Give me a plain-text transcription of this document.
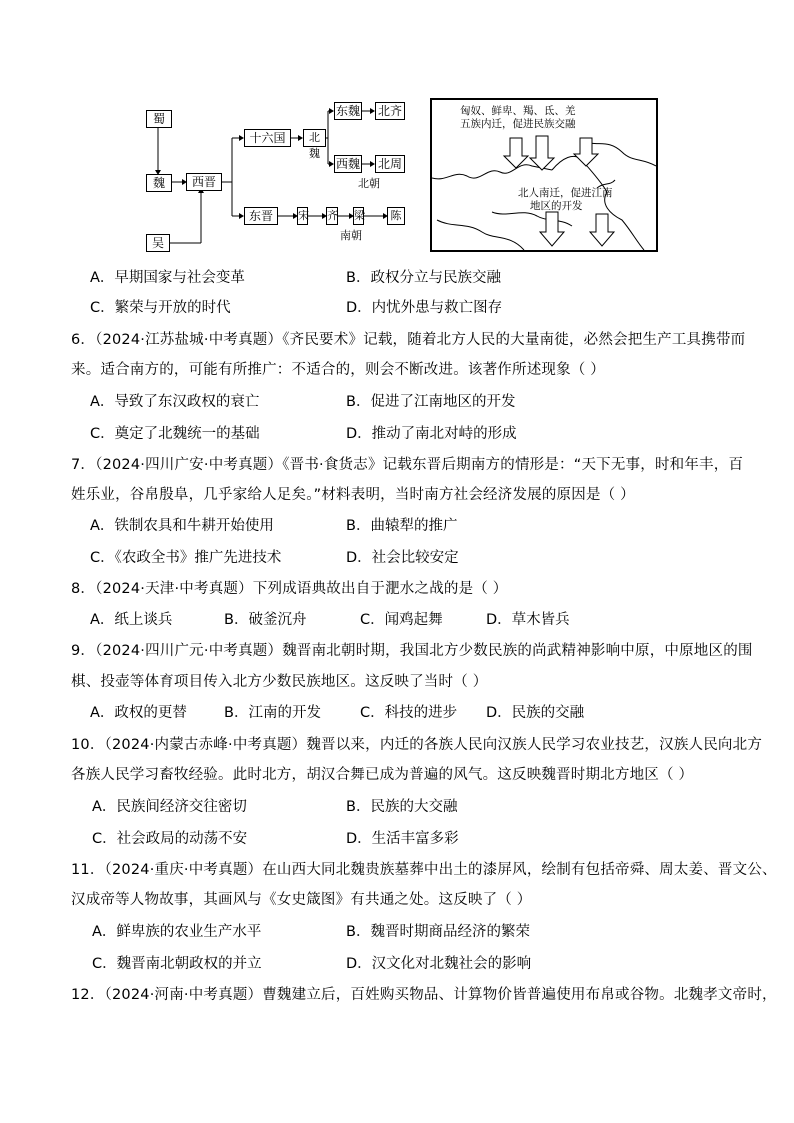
蜀
魏
吴
西晋
十六国	北魏
东魏 北齐
西魏 北周
北朝
东晋	宋 齐 梁	陈
南朝
匈奴、鲜卑、羯、氐、羌
五族内迁，促进民族交融
北人南迁，促进江南
地区的开发
A．早期国家与社会变革	B．政权分立与民族交融
C．繁荣与开放的时代	D．内忧外患与救亡图存
6．（2024·江苏盐城·中考真题）《齐民要术》记载，随着北方人民的大量南徙，必然会把生产工具携带而
来。适合南方的，可能有所推广：不适合的，则会不断改进。该著作所述现象（ ）
A．导致了东汉政权的衰亡	B．促进了江南地区的开发
C．奠定了北魏统一的基础	D．推动了南北对峙的形成
7．（2024·四川广安·中考真题）《晋书·食货志》记载东晋后期南方的情形是：“天下无事，时和年丰，百
姓乐业，谷帛殷阜，几乎家给人足矣。”材料表明，当时南方社会经济发展的原因是（ ）
A．铁制农具和牛耕开始使用	B．曲辕犁的推广
C．《农政全书》推广先进技术	D．社会比较安定
8．（2024·天津·中考真题）下列成语典故出自于淝水之战的是（ ）
A．纸上谈兵	B．破釜沉舟	C．闻鸡起舞	D．草木皆兵
9．（2024·四川广元·中考真题）魏晋南北朝时期，我国北方少数民族的尚武精神影响中原，中原地区的围
棋、投壶等体育项目传入北方少数民族地区。这反映了当时（ ）
A．政权的更替	B．江南的开发	C．科技的进步 D．民族的交融
10．（2024·内蒙古赤峰·中考真题）魏晋以来，内迁的各族人民向汉族人民学习农业技艺，汉族人民向北方
各族人民学习畜牧经验。此时北方，胡汉合舞已成为普遍的风气。这反映魏晋时期北方地区（ ）
A．民族间经济交往密切	B．民族的大交融
C．社会政局的动荡不安	D．生活丰富多彩
11．（2024·重庆·中考真题）在山西大同北魏贵族墓葬中出土的漆屏风，绘制有包括帝舜、周太姜、晋文公、
汉成帝等人物故事，其画风与《女史箴图》有共通之处。这反映了（ ）
A．鲜卑族的农业生产水平	B．魏晋时期商品经济的繁荣
C．魏晋南北朝政权的并立	D．汉文化对北魏社会的影响
12．（2024·河南·中考真题）曹魏建立后，百姓购买物品、计算物价皆普遍使用布帛或谷物。北魏孝文帝时，
